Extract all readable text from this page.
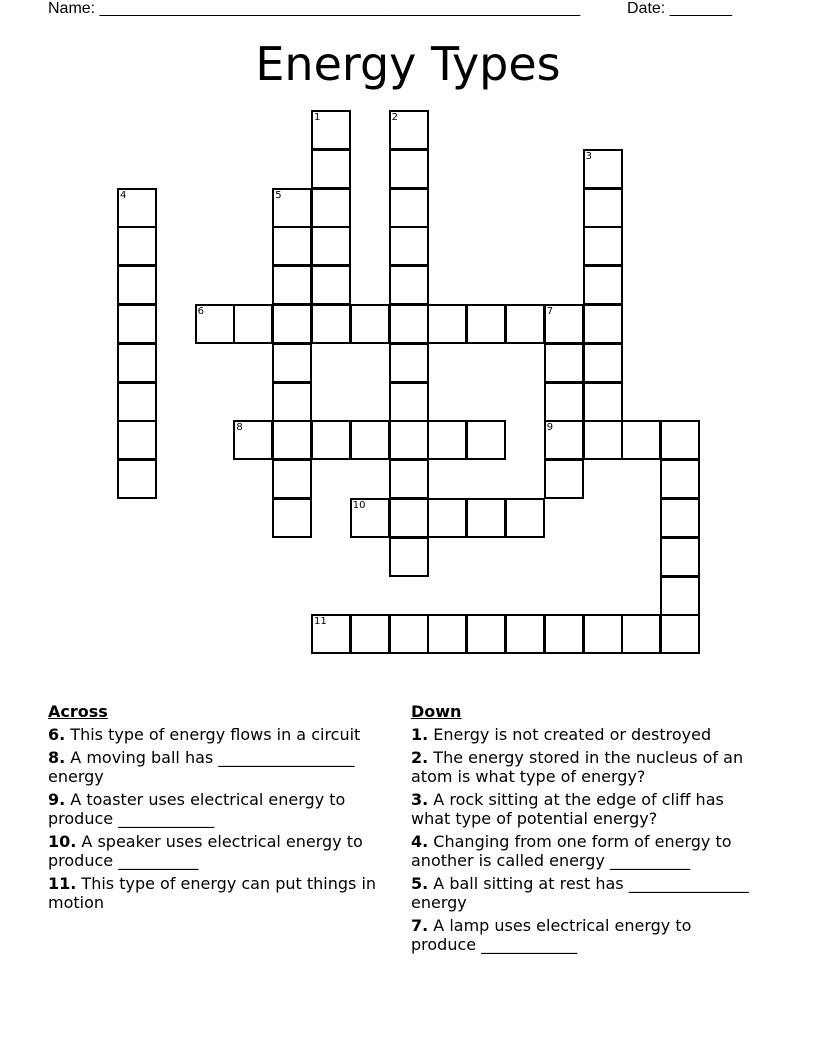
Name: ______________________________________________________	Date: _______
Energy Types
1	2
3
4	5
6	7
8	9
10
11
Across
6. This type of energy flows in a circuit
8. A moving ball has _________________ energy
9. A toaster uses electrical energy to produce ____________
10. A speaker uses electrical energy to produce __________
11. This type of energy can put things in motion
Down
1. Energy is not created or destroyed
2. The energy stored in the nucleus of an atom is what type of energy?
3. A rock sitting at the edge of cliff has what type of potential energy?
4. Changing from one form of energy to another is called energy __________
5. A ball sitting at rest has _______________ energy
7. A lamp uses electrical energy to produce ____________
